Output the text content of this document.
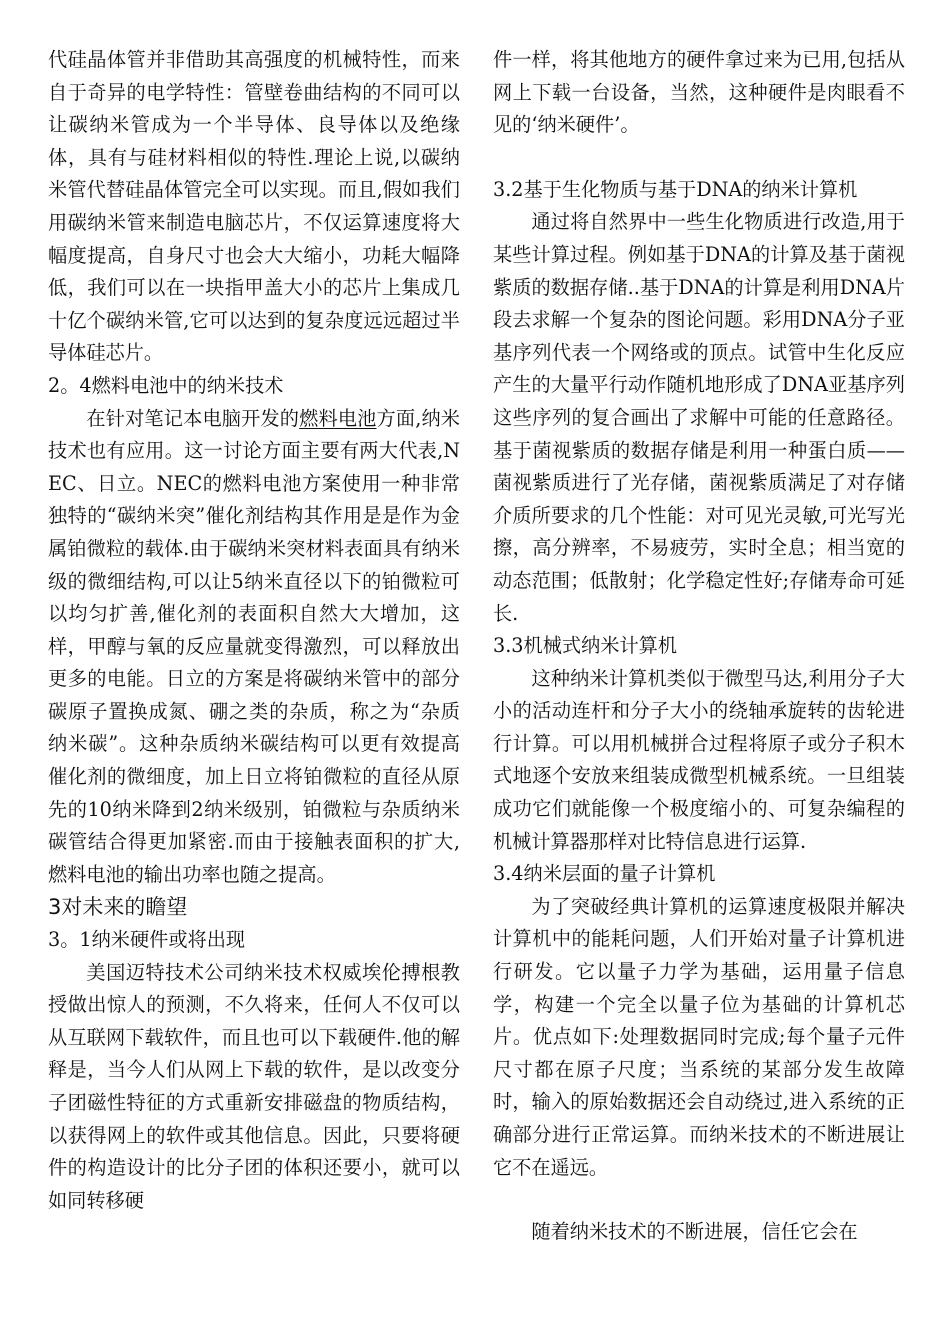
代硅晶体管并非借助其高强度的机械特性，而来自于奇异的电学特性：管壁卷曲结构的不同可以让碳纳米管成为一个半导体、良导体以及绝缘体，具有与硅材料相似的特性.理论上说,以碳纳米管代替硅晶体管完全可以实现。而且,假如我们用碳纳米管来制造电脑芯片，不仅运算速度将大幅度提高，自身尺寸也会大大缩小，功耗大幅降低，我们可以在一块指甲盖大小的芯片上集成几十亿个碳纳米管,它可以达到的复杂度远远超过半导体硅芯片。

2。4燃料电池中的纳米技术

在针对笔记本电脑开发的燃料电池方面,纳米技术也有应用。这一讨论方面主要有两大代表,NEC、日立。NEC的燃料电池方案使用一种非常独特的“碳纳米突”催化剂结构其作用是是作为金属铂微粒的载体.由于碳纳米突材料表面具有纳米级的微细结构,可以让5纳米直径以下的铂微粒可以均匀扩善,催化剂的表面积自然大大增加，这样，甲醇与氧的反应量就变得激烈，可以释放出更多的电能。日立的方案是将碳纳米管中的部分碳原子置换成氮、硼之类的杂质，称之为“杂质纳米碳”。这种杂质纳米碳结构可以更有效提高催化剂的微细度，加上日立将铂微粒的直径从原先的10纳米降到2纳米级别，铂微粒与杂质纳米碳管结合得更加紧密.而由于接触表面积的扩大,燃料电池的输出功率也随之提高。

3对未来的瞻望

3。1纳米硬件或将出现

美国迈特技术公司纳米技术权威埃伦搏根教授做出惊人的预测，不久将来，任何人不仅可以从互联网下载软件，而且也可以下载硬件.他的解释是，当今人们从网上下载的软件，是以改变分子团磁性特征的方式重新安排磁盘的物质结构，以获得网上的软件或其他信息。因此，只要将硬件的构造设计的比分子团的体积还要小，就可以如同转移硬

件一样，将其他地方的硬件拿过来为已用,包括从网上下载一台设备，当然，这种硬件是肉眼看不见的‘纳米硬件’。

3.2基于生化物质与基于DNA的纳米计算机

通过将自然界中一些生化物质进行改造,用于某些计算过程。例如基于DNA的计算及基于菌视紫质的数据存储..基于DNA的计算是利用DNA片段去求解一个复杂的图论问题。彩用DNA分子亚基序列代表一个网络或的顶点。试管中生化反应产生的大量平行动作随机地形成了DNA亚基序列这些序列的复合画出了求解中可能的任意路径。基于菌视紫质的数据存储是利用一种蛋白质——菌视紫质进行了光存储，菌视紫质满足了对存储介质所要求的几个性能：对可见光灵敏,可光写光擦，高分辨率，不易疲劳，实时全息；相当宽的动态范围；低散射；化学稳定性好;存储寿命可延长.

3.3机械式纳米计算机

这种纳米计算机类似于微型马达,利用分子大小的活动连杆和分子大小的绕轴承旋转的齿轮进行计算。可以用机械拼合过程将原子或分子积木式地逐个安放来组装成微型机械系统。一旦组装成功它们就能像一个极度缩小的、可复杂编程的机械计算器那样对比特信息进行运算.

3.4纳米层面的量子计算机

为了突破经典计算机的运算速度极限并解决计算机中的能耗问题，人们开始对量子计算机进行研发。它以量子力学为基础，运用量子信息学，构建一个完全以量子位为基础的计算机芯片。优点如下:处理数据同时完成;每个量子元件尺寸都在原子尺度；当系统的某部分发生故障时，输入的原始数据还会自动绕过,进入系统的正确部分进行正常运算。而纳米技术的不断进展让它不在遥远。

随着纳米技术的不断进展，信任它会在
